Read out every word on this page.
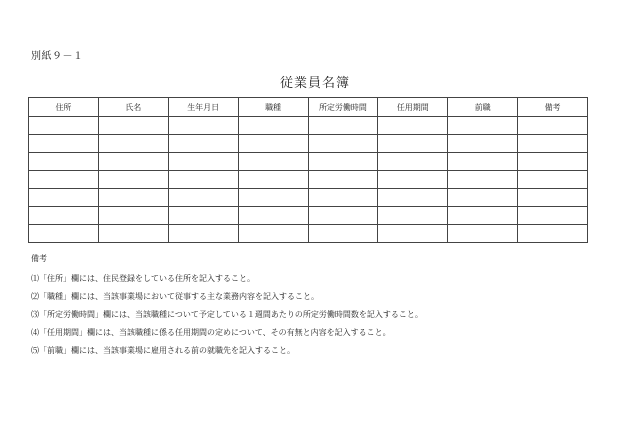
別紙９－１
従業員名簿
住所	氏名	生年月日	職種	所定労働時間	任用期間	前職	備考

備考
⑴「住所」欄には、住民登録をしている住所を記入すること。
⑵「職種」欄には、当該事業場において従事する主な業務内容を記入すること。
⑶「所定労働時間」欄には、当該職種について予定している１週間あたりの所定労働時間数を記入すること。
⑷「任用期間」欄には、当該職種に係る任用期間の定めについて、その有無と内容を記入すること。
⑸「前職」欄には、当該事業場に雇用される前の就職先を記入すること。
